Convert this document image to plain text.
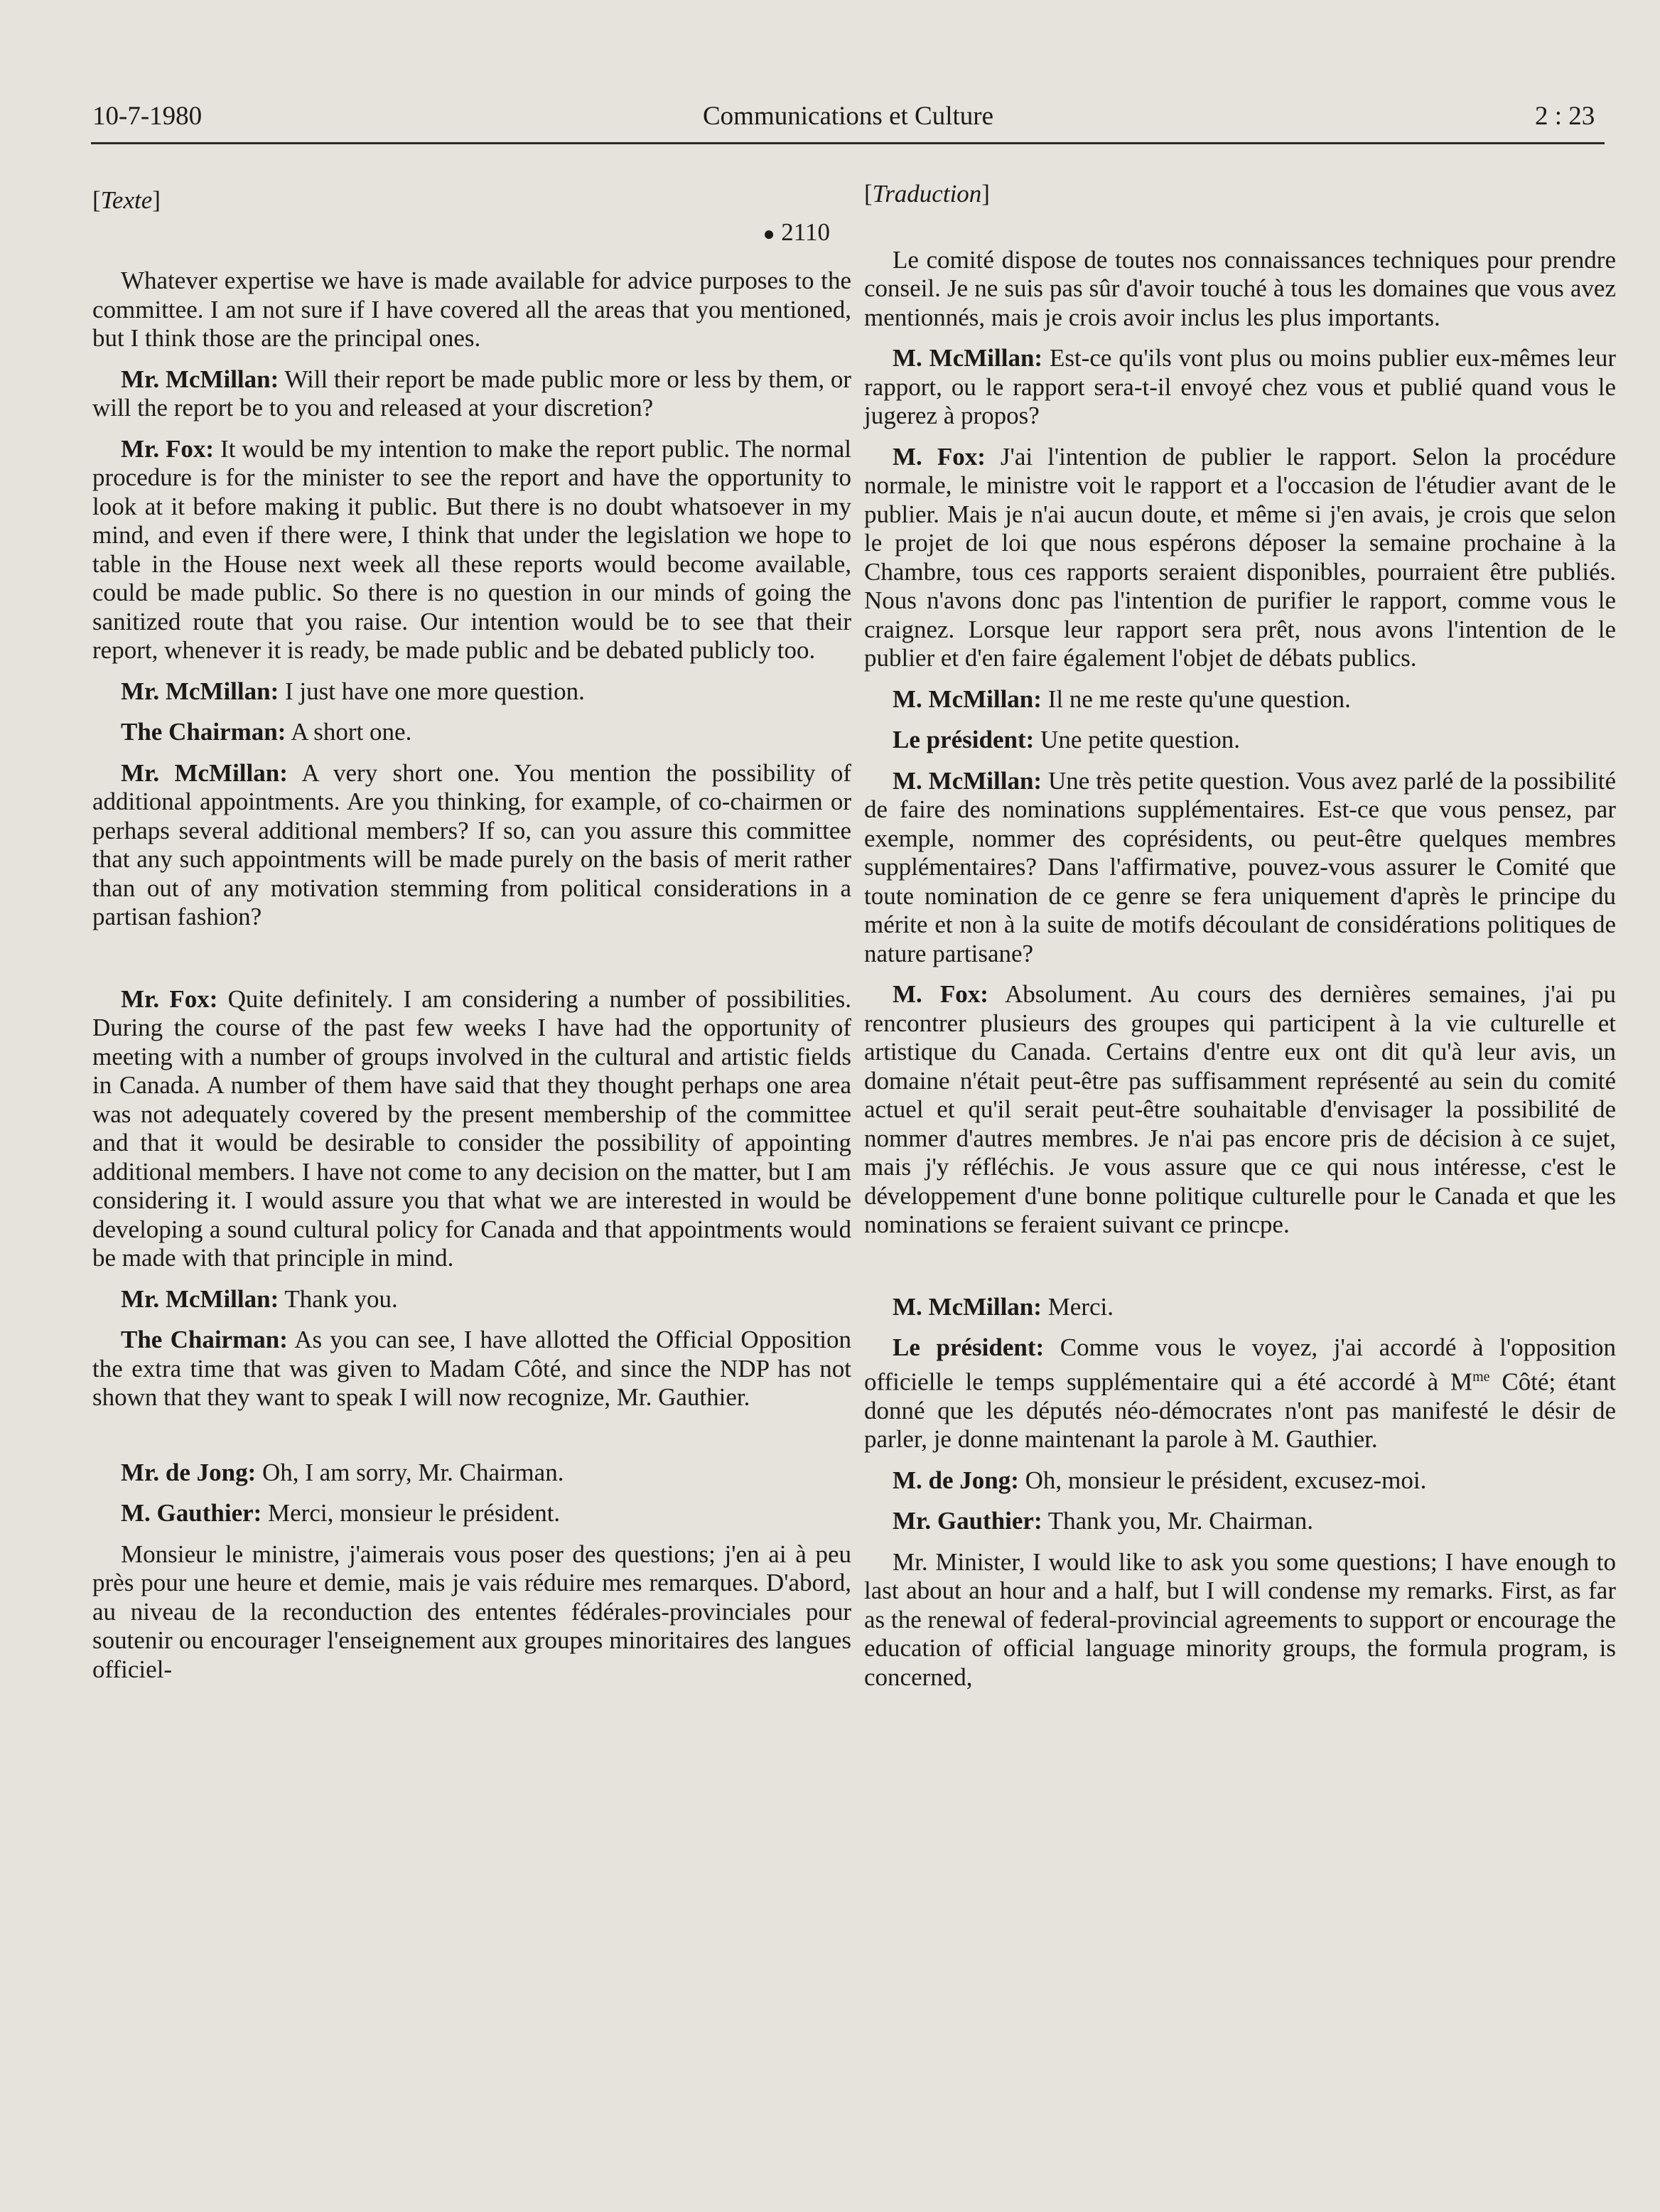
10-7-1980	Communications et Culture	2 : 23
[Texte]
● 2110

Whatever expertise we have is made available for advice purposes to the committee. I am not sure if I have covered all the areas that you mentioned, but I think those are the principal ones.

Mr. McMillan: Will their report be made public more or less by them, or will the report be to you and released at your discretion?

Mr. Fox: It would be my intention to make the report public. The normal procedure is for the minister to see the report and have the opportunity to look at it before making it public. But there is no doubt whatsoever in my mind, and even if there were, I think that under the legislation we hope to table in the House next week all these reports would become available, could be made public. So there is no question in our minds of going the sanitized route that you raise. Our intention would be to see that their report, whenever it is ready, be made public and be debated publicly too.

Mr. McMillan: I just have one more question.

The Chairman: A short one.

Mr. McMillan: A very short one. You mention the possibility of additional appointments. Are you thinking, for example, of co-chairmen or perhaps several additional members? If so, can you assure this committee that any such appointments will be made purely on the basis of merit rather than out of any motivation stemming from political considerations in a partisan fashion?

Mr. Fox: Quite definitely. I am considering a number of possibilities. During the course of the past few weeks I have had the opportunity of meeting with a number of groups involved in the cultural and artistic fields in Canada. A number of them have said that they thought perhaps one area was not adequately covered by the present membership of the committee and that it would be desirable to consider the possibility of appointing additional members. I have not come to any decision on the matter, but I am considering it. I would assure you that what we are interested in would be developing a sound cultural policy for Canada and that appointments would be made with that principle in mind.

Mr. McMillan: Thank you.

The Chairman: As you can see, I have allotted the Official Opposition the extra time that was given to Madam Côté, and since the NDP has not shown that they want to speak I will now recognize, Mr. Gauthier.

Mr. de Jong: Oh, I am sorry, Mr. Chairman.

M. Gauthier: Merci, monsieur le président.

Monsieur le ministre, j'aimerais vous poser des questions; j'en ai à peu près pour une heure et demie, mais je vais réduire mes remarques. D'abord, au niveau de la reconduction des ententes fédérales-provinciales pour soutenir ou encourager l'enseignement aux groupes minoritaires des langues officiel-

[Traduction]

Le comité dispose de toutes nos connaissances techniques pour prendre conseil. Je ne suis pas sûr d'avoir touché à tous les domaines que vous avez mentionnés, mais je crois avoir inclus les plus importants.

M. McMillan: Est-ce qu'ils vont plus ou moins publier eux-mêmes leur rapport, ou le rapport sera-t-il envoyé chez vous et publié quand vous le jugerez à propos?

M. Fox: J'ai l'intention de publier le rapport. Selon la procédure normale, le ministre voit le rapport et a l'occasion de l'étudier avant de le publier. Mais je n'ai aucun doute, et même si j'en avais, je crois que selon le projet de loi que nous espérons déposer la semaine prochaine à la Chambre, tous ces rapports seraient disponibles, pourraient être publiés. Nous n'avons donc pas l'intention de purifier le rapport, comme vous le craignez. Lorsque leur rapport sera prêt, nous avons l'intention de le publier et d'en faire également l'objet de débats publics.

M. McMillan: Il ne me reste qu'une question.

Le président: Une petite question.

M. McMillan: Une très petite question. Vous avez parlé de la possibilité de faire des nominations supplémentaires. Est-ce que vous pensez, par exemple, nommer des coprésidents, ou peut-être quelques membres supplémentaires? Dans l'affirmative, pouvez-vous assurer le Comité que toute nomination de ce genre se fera uniquement d'après le principe du mérite et non à la suite de motifs découlant de considérations politiques de nature partisane?

M. Fox: Absolument. Au cours des dernières semaines, j'ai pu rencontrer plusieurs des groupes qui participent à la vie culturelle et artistique du Canada. Certains d'entre eux ont dit qu'à leur avis, un domaine n'était peut-être pas suffisamment représenté au sein du comité actuel et qu'il serait peut-être souhaitable d'envisager la possibilité de nommer d'autres membres. Je n'ai pas encore pris de décision à ce sujet, mais j'y réfléchis. Je vous assure que ce qui nous intéresse, c'est le développement d'une bonne politique culturelle pour le Canada et que les nominations se feraient suivant ce princpe.

M. McMillan: Merci.

Le président: Comme vous le voyez, j'ai accordé à l'opposition officielle le temps supplémentaire qui a été accordé à $M^{me}$ Côté; étant donné que les députés néo-démocrates n'ont pas manifesté le désir de parler, je donne maintenant la parole à M. Gauthier.

M. de Jong: Oh, monsieur le président, excusez-moi.

Mr. Gauthier: Thank you, Mr. Chairman.

Mr. Minister, I would like to ask you some questions; I have enough to last about an hour and a half, but I will condense my remarks. First, as far as the renewal of federal-provincial agreements to support or encourage the education of official language minority groups, the formula program, is concerned,
